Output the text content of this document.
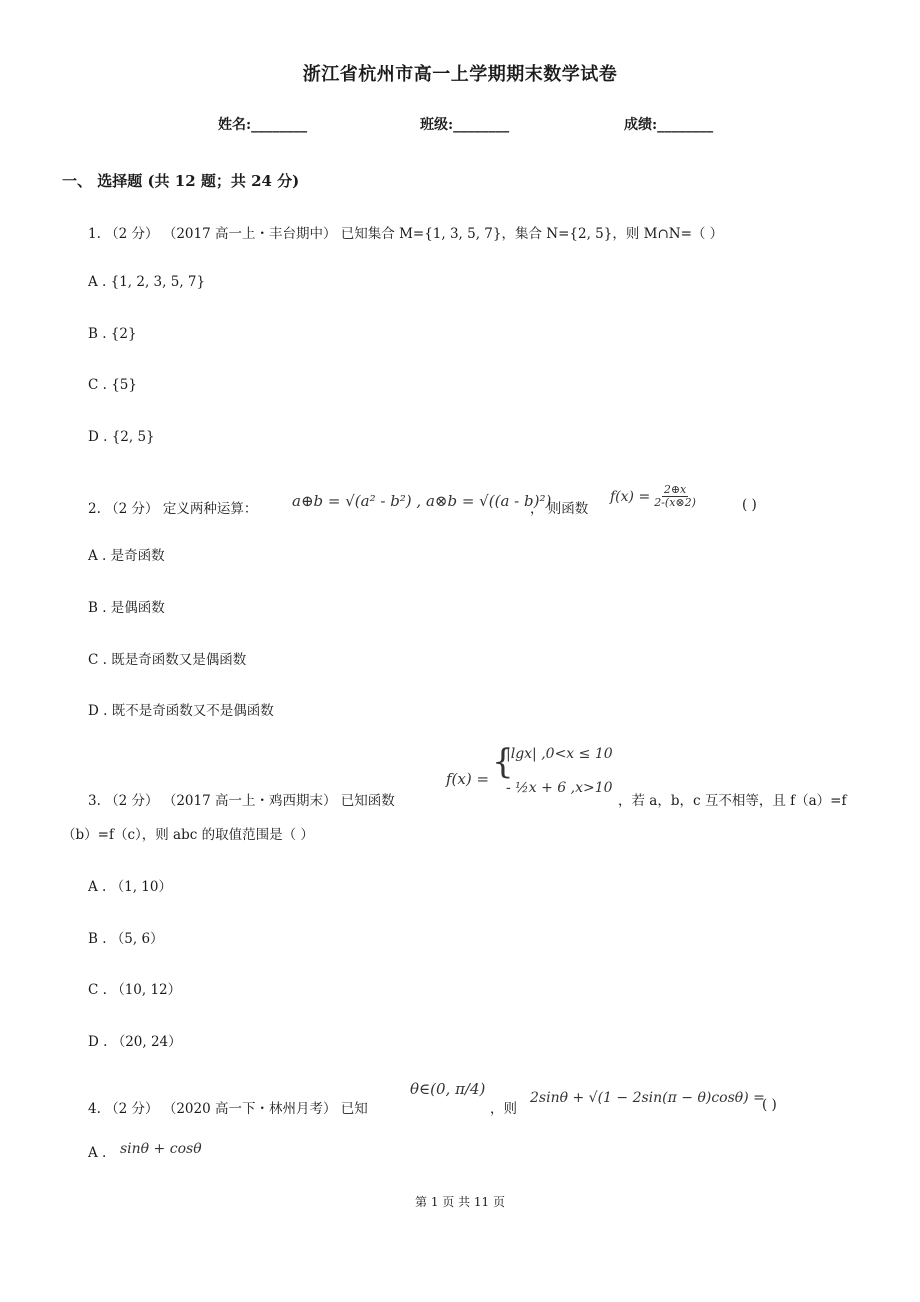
浙江省杭州市高一上学期期末数学试卷
姓名:________	班级:________	成绩:________
一、 选择题 (共 12 题；共 24 分)
1. （2 分） （2017 高一上・丰台期中） 已知集合 M={1, 3, 5, 7}，集合 N={2, 5}，则 M∩N=（ ）
A . {1, 2, 3, 5, 7}
B . {2}
C . {5}
D . {2, 5}
2. （2 分） 定义两种运算： a⊕b = √(a² - b²) , a⊗b = √((a - b)²)
， 则函数
$f(x) = \frac{2\oplus x}{2-(x\otimes 2)}$	( )
A . 是奇函数
B . 是偶函数
C . 既是奇函数又是偶函数
D . 既不是奇函数又不是偶函数
f(x) = {
|lgx| ,0<x ≤ 10
- ½x + 6 ,x>10
3. （2 分） （2017 高一上・鸡西期末） 已知函数	，若 a，b，c 互不相等，且 f（a）=f
（b）=f（c），则 abc 的取值范围是（ ）
A . （1, 10）
B . （5, 6）
C . （10, 12）
D . （20, 24）
4. （2 分） （2020 高一下・林州月考） 已知
θ∈(0, π/4)
，则
2sinθ + √(1 − 2sin(π − θ)cosθ) =
( )
A . sinθ + cosθ
第 1 页 共 11 页
